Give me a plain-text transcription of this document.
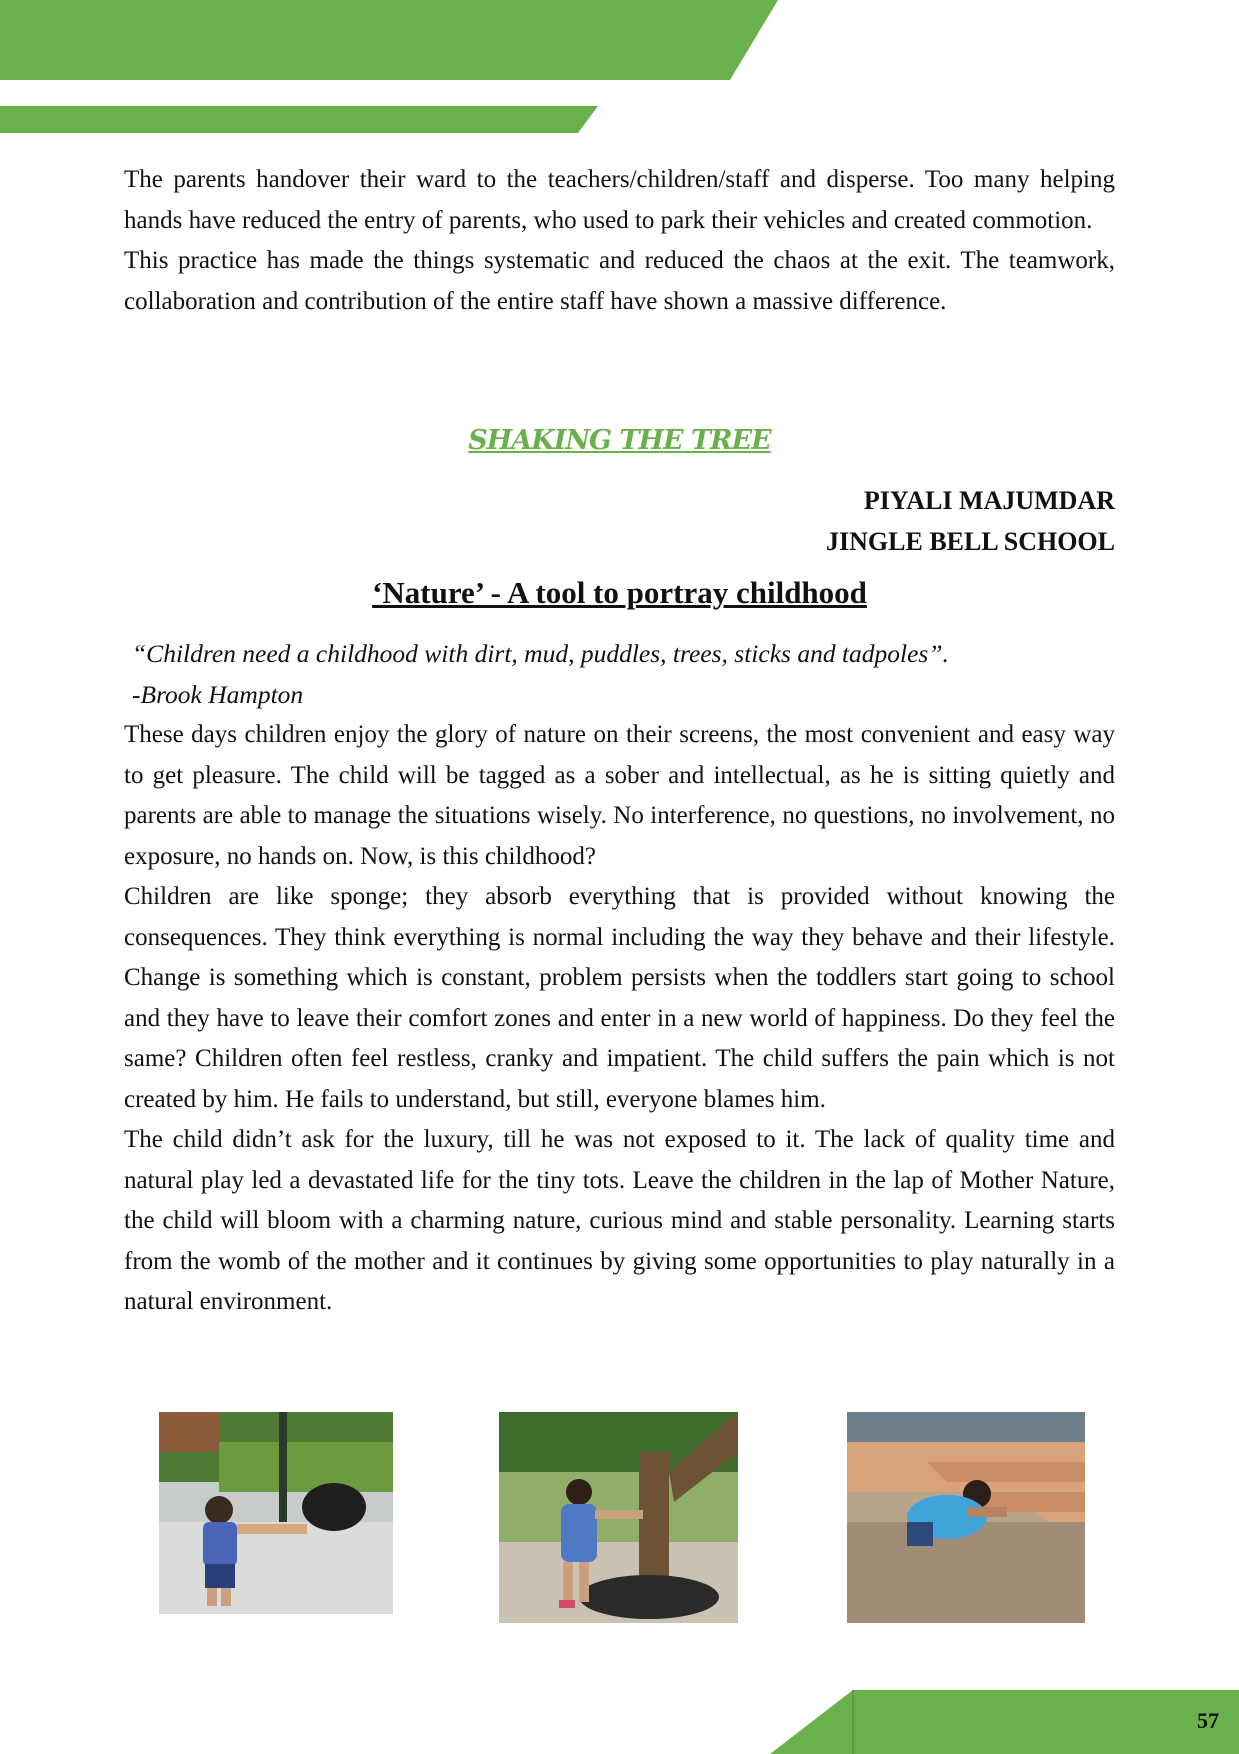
The parents handover their ward to the teachers/children/staff and disperse. Too many helping hands have reduced the entry of parents, who used to park their vehicles and created commotion.

This practice has made the things systematic and reduced the chaos at the exit. The teamwork, collaboration and contribution of the entire staff have shown a massive difference.

SHAKING THE TREE
PIYALI MAJUMDAR
JINGLE BELL SCHOOL
‘Nature’ - A tool to portray childhood

“Children need a childhood with dirt, mud, puddles, trees, sticks and tadpoles”.

-Brook Hampton

These days children enjoy the glory of nature on their screens, the most convenient and easy way to get pleasure. The child will be tagged as a sober and intellectual, as he is sitting quietly and parents are able to manage the situations wisely. No interference, no questions, no involvement, no exposure, no hands on. Now, is this childhood?

Children are like sponge; they absorb everything that is provided without knowing the consequences. They think everything is normal including the way they behave and their lifestyle. Change is something which is constant, problem persists when the toddlers start going to school and they have to leave their comfort zones and enter in a new world of happiness. Do they feel the same? Children often feel restless, cranky and impatient. The child suffers the pain which is not created by him. He fails to understand, but still, everyone blames him.

The child didn’t ask for the luxury, till he was not exposed to it. The lack of quality time and natural play led a devastated life for the tiny tots. Leave the children in the lap of Mother Nature, the child will bloom with a charming nature, curious mind and stable personality. Learning starts from the womb of the mother and it continues by giving some opportunities to play naturally in a natural environment.

57
